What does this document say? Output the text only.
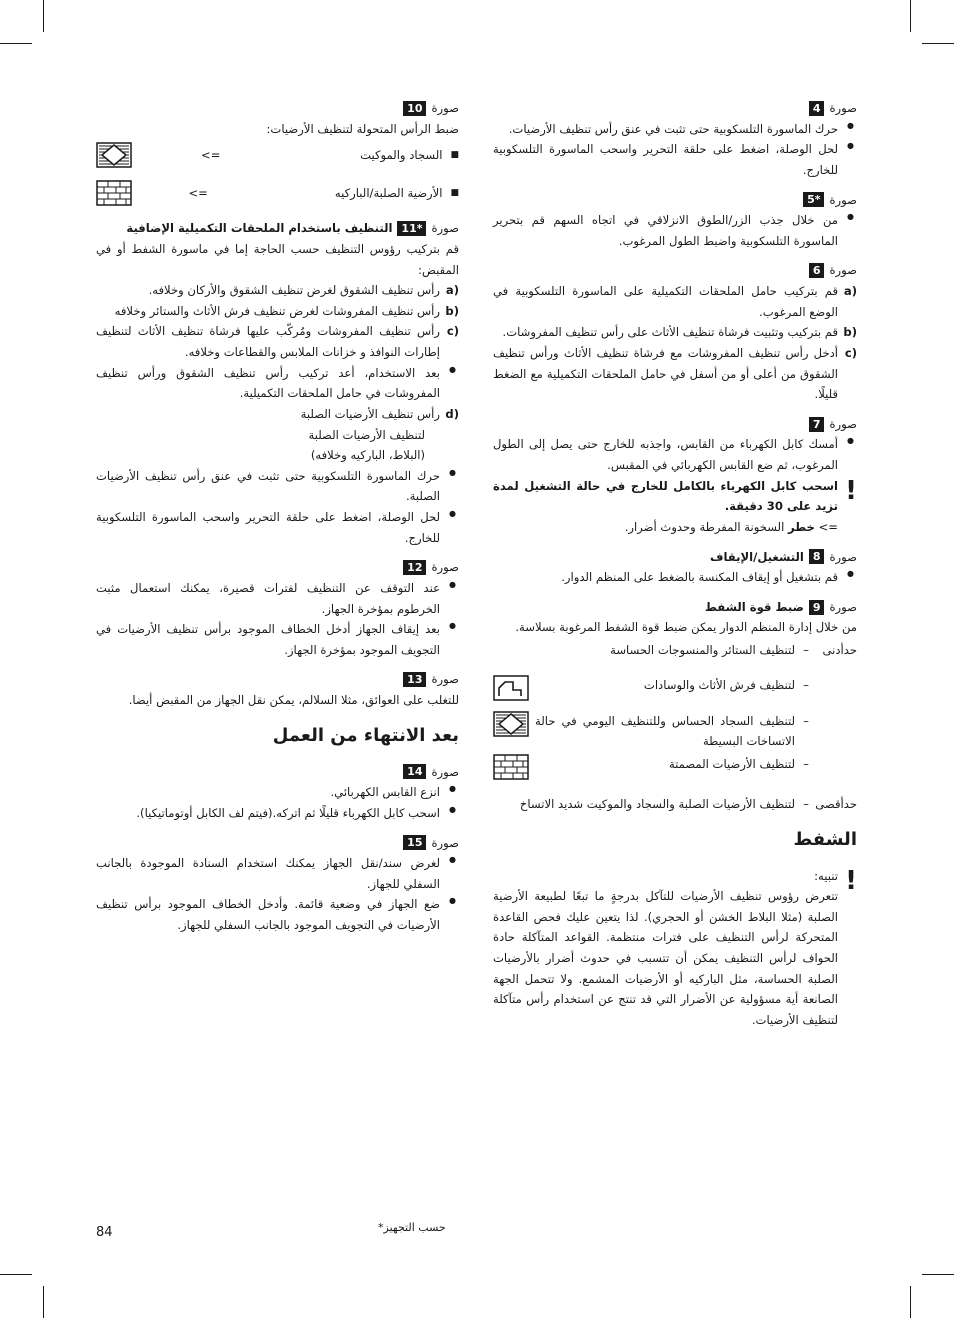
صورة
4
● حرك الماسورة التلسكوبية حتى تثبت في عنق رأس تنظيف الأرضيات.
● لحل الوصلة، اضغط على حلقة التحرير واسحب الماسورة التلسكوبية للخارج.
صورة
5*
● من خلال جذب الزر/الطوق الانزلاقي في اتجاه السهم قم بتحرير الماسورة التلسكوبية واضبط الطول المرغوب.
صورة
6

a)
قم بتركيب حامل الملحقات التكميلية على الماسورة التلسكوبية في الوضع المرغوب.

b)
قم بتركيب وتثبيت فرشاة تنظيف الأثاث على رأس تنظيف المفروشات.

c)
أدخل رأس تنظيف المفروشات مع فرشاة تنظيف الأثاث ورأس تنظيف الشقوق من أعلى أو من أسفل في حامل الملحقات التكميلية مع الضغط قليلًا.

صورة
7
● أمسك كابل الكهرباء من القابس، واجذبه للخارج حتى يصل إلى الطول المرغوب، ثم ضع القابس الكهربائي في المقبس.
!

اسحب كابل الكهرباء بالكامل للخارج في حالة التشغيل لمدة تزيد على 30 دقيقة.

<= خطر السخونة المفرطة وحدوث أضرار.

صورة
8
التشغيل/الإيقاف
● قم بتشغيل أو إيقاف المكنسة بالضغط على المنظم الدوار.
صورة
9
ضبط قوة الشفط

من خلال إدارة المنظم الدوار يمكن ضبط قوة الشفط المرغوبة بسلاسة.

حدأدنى
–
لتنظيف الستائر والمنسوجات الحساسة
–
لتنظيف فرش الأثاث والوسادات
–
لتنظيف السجاد الحساس وللتنظيف اليومي في حالة الاتساخات البسيطة
–
لتنظيف الأرضيات المصمتة
حدأقصى
–
لتنظيف الأرضيات الصلبة والسجاد والموكيت شديد الاتساخ
الشفط
!

تنبيه:

تتعرض رؤوس تنظيف الأرضيات للتآكل بدرجةٍ ما تبعًا لطبيعة الأرضية الصلبة (مثلا البلاط الخشن أو الحجري). لذا يتعين عليك فحص القاعدة المتحركة لرأس التنظيف على فترات منتظمة. القواعد المتآكلة حادة الحواف لرأس التنظيف يمكن أن تتسبب في حدوث أضرار بالأرضيات الصلبة الحساسة، مثل الباركيه أو الأرضيات المشمع. ولا تتحمل الجهة الصانعة أية مسؤولية عن الأضرار التي قد تنتج عن استخدام رأس متآكلة لتنظيف الأرضيات.

صورة
10

ضبط الرأس المتحولة لتنظيف الأرضيات:

■
السجاد والموكيت
<=
■
الأرضية الصلبة/الباركيه
<=
صورة
11*
التنظيف باستخدام الملحقات التكميلية الإضافية

قم بتركيب رؤوس التنظيف حسب الحاجة إما في ماسورة الشفط أو في المقبض:

a)
رأس تنظيف الشقوق لغرض تنظيف الشقوق والأركان وخلافه.

b)
رأس تنظيف المفروشات لغرض تنظيف فرش الأثاث والستائر وخلافه

c)
رأس تنظيف المفروشات ومُركّب عليها فرشاة تنظيف الأثاث لتنظيف إطارات النوافذ و خزانات الملابس والقطاعات وخلافه.

● بعد الاستخدام، أعد تركيب رأس تنظيف الشقوق ورأس تنظيف المفروشات في حامل الملحقات التكميلية.

d)
رأس تنظيف الأرضيات الصلبة

لتنظيف الأرضيات الصلبة

(البلاط، الباركيه وخلافه)

● حرك الماسورة التلسكوبية حتى تثبت في عنق رأس تنظيف الأرضيات الصلبة.
● لحل الوصلة، اضغط على حلقة التحرير واسحب الماسورة التلسكوبية للخارج.
صورة
12
● عند التوقف عن التنظيف لفترات قصيرة، يمكنك استعمال مثبت الخرطوم بمؤخرة الجهاز.
● بعد إيقاف الجهاز أدخل الخطاف الموجود برأس تنظيف الأرضيات في التجويف الموجود بمؤخرة الجهاز.
صورة
13

للتغلب على العوائق، مثلا السلالم، يمكن نقل الجهاز من المقبض أيضا.

بعد الانتهاء من العمل
صورة
14
● انزع القابس الكهربائي.
● اسحب كابل الكهرباء قليلًا ثم اتركه.(فيتم لف الكابل أوتوماتيكيا).
صورة
15
● لغرض سند/نقل الجهاز يمكنك استخدام السنادة الموجودة بالجانب السفلي للجهاز.
● ضع الجهاز في وضعية قائمة. وأدخل الخطاف الموجود برأس تنظيف الأرضيات في التجويف الموجود بالجانب السفلي للجهاز.
حسب التجهيز*
84
